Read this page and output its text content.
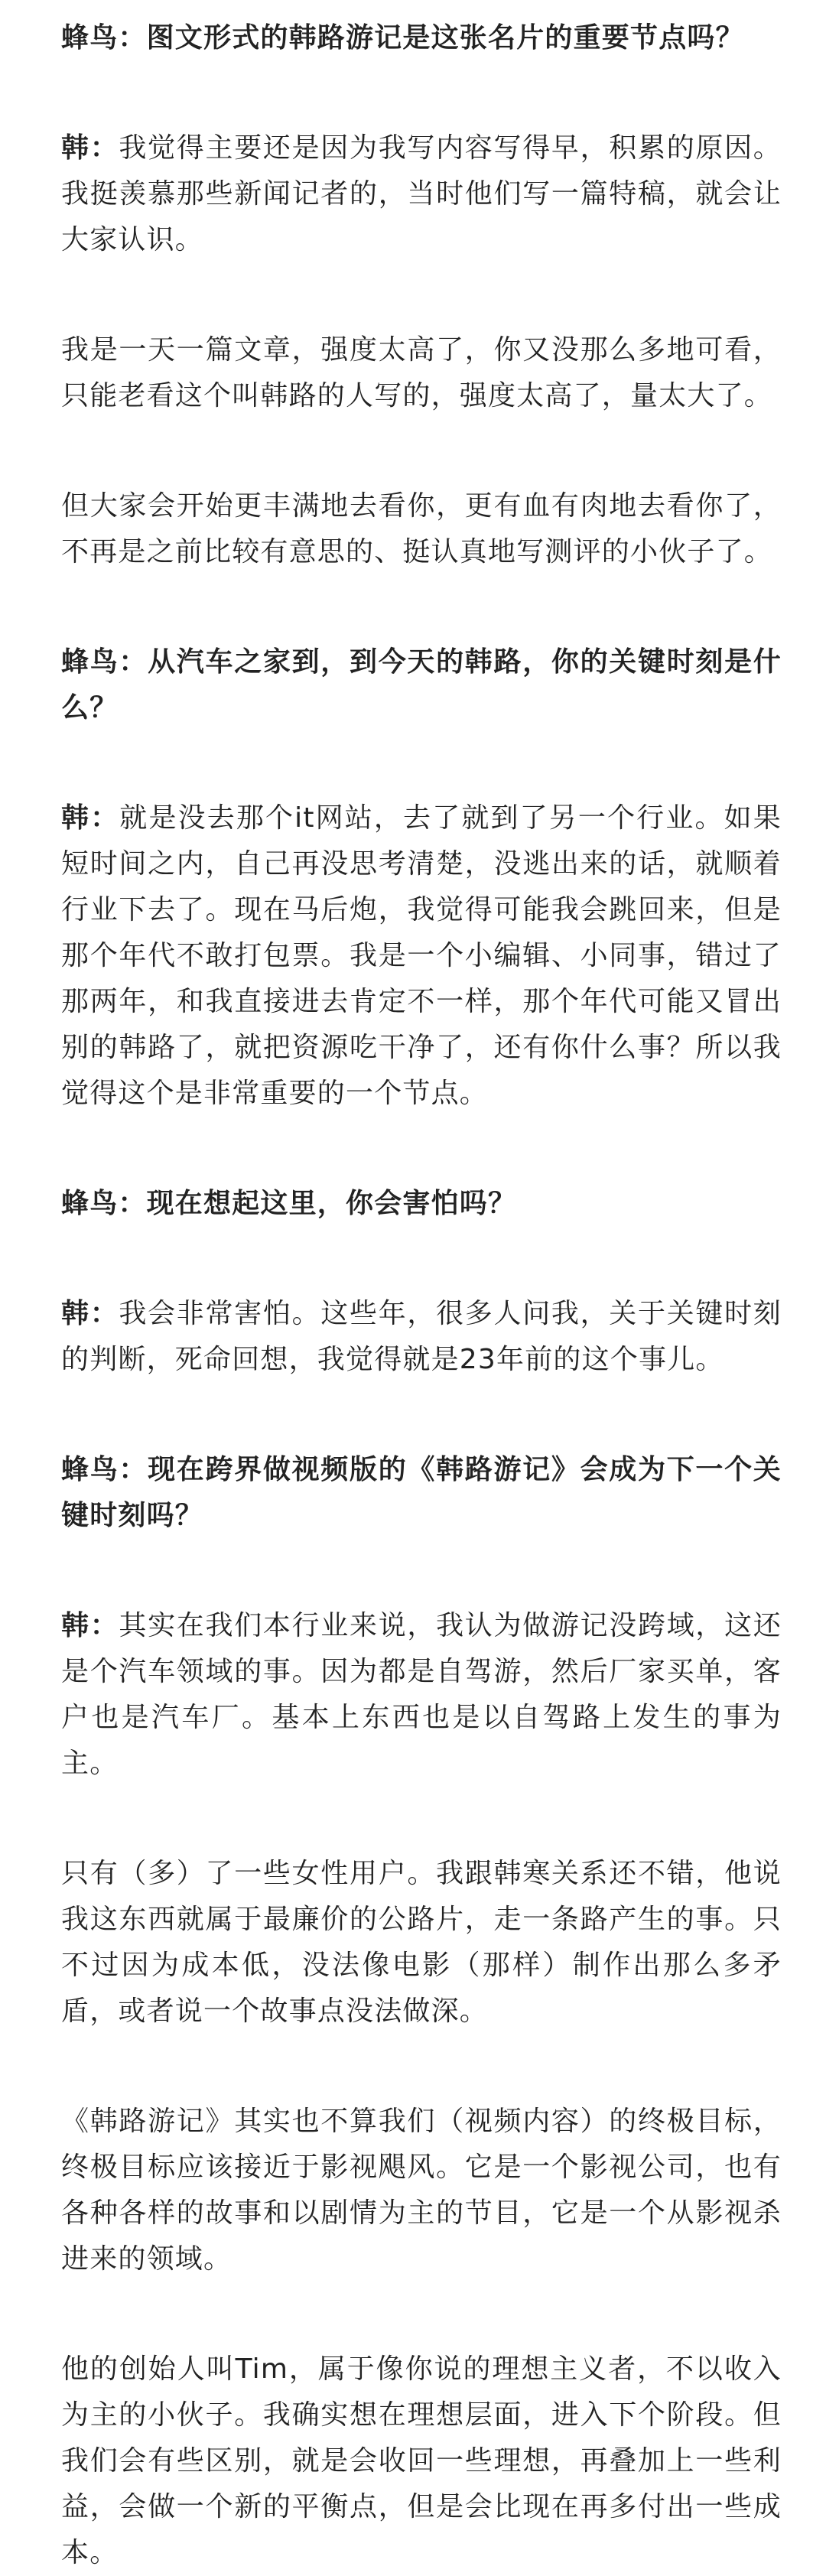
蜂鸟：图文形式的韩路游记是这张名片的重要节点吗？

韩：我觉得主要还是因为我写内容写得早，积累的原因。我挺羡慕那些新闻记者的，当时他们写一篇特稿，就会让大家认识。

我是一天一篇文章，强度太高了，你又没那么多地可看，只能老看这个叫韩路的人写的，强度太高了，量太大了。

但大家会开始更丰满地去看你，更有血有肉地去看你了，不再是之前比较有意思的、挺认真地写测评的小伙子了。

蜂鸟：从汽车之家到，到今天的韩路，你的关键时刻是什么？

韩：就是没去那个it网站，去了就到了另一个行业。如果短时间之内，自己再没思考清楚，没逃出来的话，就顺着行业下去了。现在马后炮，我觉得可能我会跳回来，但是那个年代不敢打包票。我是一个小编辑、小同事，错过了那两年，和我直接进去肯定不一样，那个年代可能又冒出别的韩路了，就把资源吃干净了，还有你什么事？所以我觉得这个是非常重要的一个节点。

蜂鸟：现在想起这里，你会害怕吗？

韩：我会非常害怕。这些年，很多人问我，关于关键时刻的判断，死命回想，我觉得就是23年前的这个事儿。

蜂鸟：现在跨界做视频版的《韩路游记》会成为下一个关键时刻吗？

韩：其实在我们本行业来说，我认为做游记没跨域，这还是个汽车领域的事。因为都是自驾游，然后厂家买单，客户也是汽车厂。基本上东西也是以自驾路上发生的事为主。

只有（多）了一些女性用户。我跟韩寒关系还不错，他说我这东西就属于最廉价的公路片，走一条路产生的事。只不过因为成本低，没法像电影（那样）制作出那么多矛盾，或者说一个故事点没法做深。

《韩路游记》其实也不算我们（视频内容）的终极目标，终极目标应该接近于影视飓风。它是一个影视公司，也有各种各样的故事和以剧情为主的节目，它是一个从影视杀进来的领域。

他的创始人叫Tim，属于像你说的理想主义者，不以收入为主的小伙子。我确实想在理想层面，进入下个阶段。但我们会有些区别，就是会收回一些理想，再叠加上一些利益，会做一个新的平衡点，但是会比现在再多付出一些成本。
